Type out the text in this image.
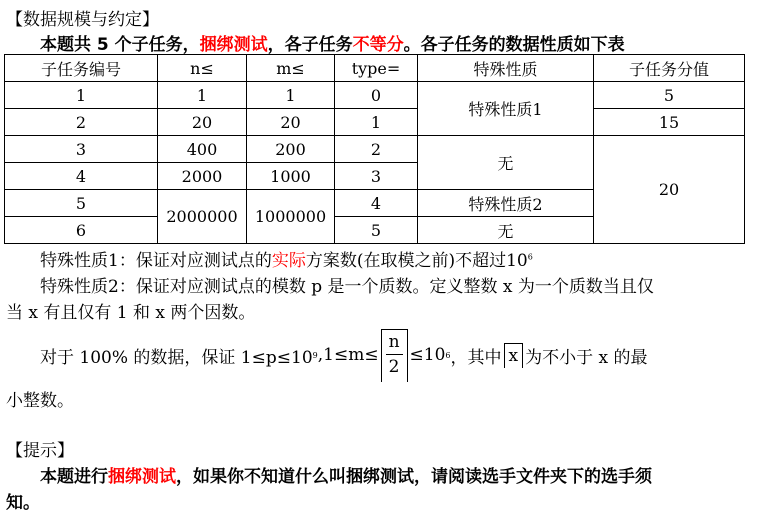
【数据规模与约定】
本题共 5 个子任务，捆绑测试，各子任务不等分。各子任务的数据性质如下表
子任务编号	n≤	m≤	type=	特殊性质	子任务分值
1	1	1	0	特殊性质1	5
2	20	20	1		15
3	400	200	2	无	20
4	2000	1000	3		
5	2000000	1000000	4	特殊性质2	
6			5	无	
特殊性质1：保证对应测试点的实际方案数(在取模之前)不超过$10^6$
特殊性质2：保证对应测试点的模数 p 是一个质数。定义整数 x 为一个质数当且仅
当 x 有且仅有 1 和 x 两个因数。
对于 100% 的数据，保证 1≤p≤10 9 $,1\le m\le \frac{n}{2} \le 10$ 6 ，其中 x 为不小于 x 的最
小整数。
【提示】
本题进行捆绑测试，如果你不知道什么叫捆绑测试，请阅读选手文件夹下的选手须
知。
